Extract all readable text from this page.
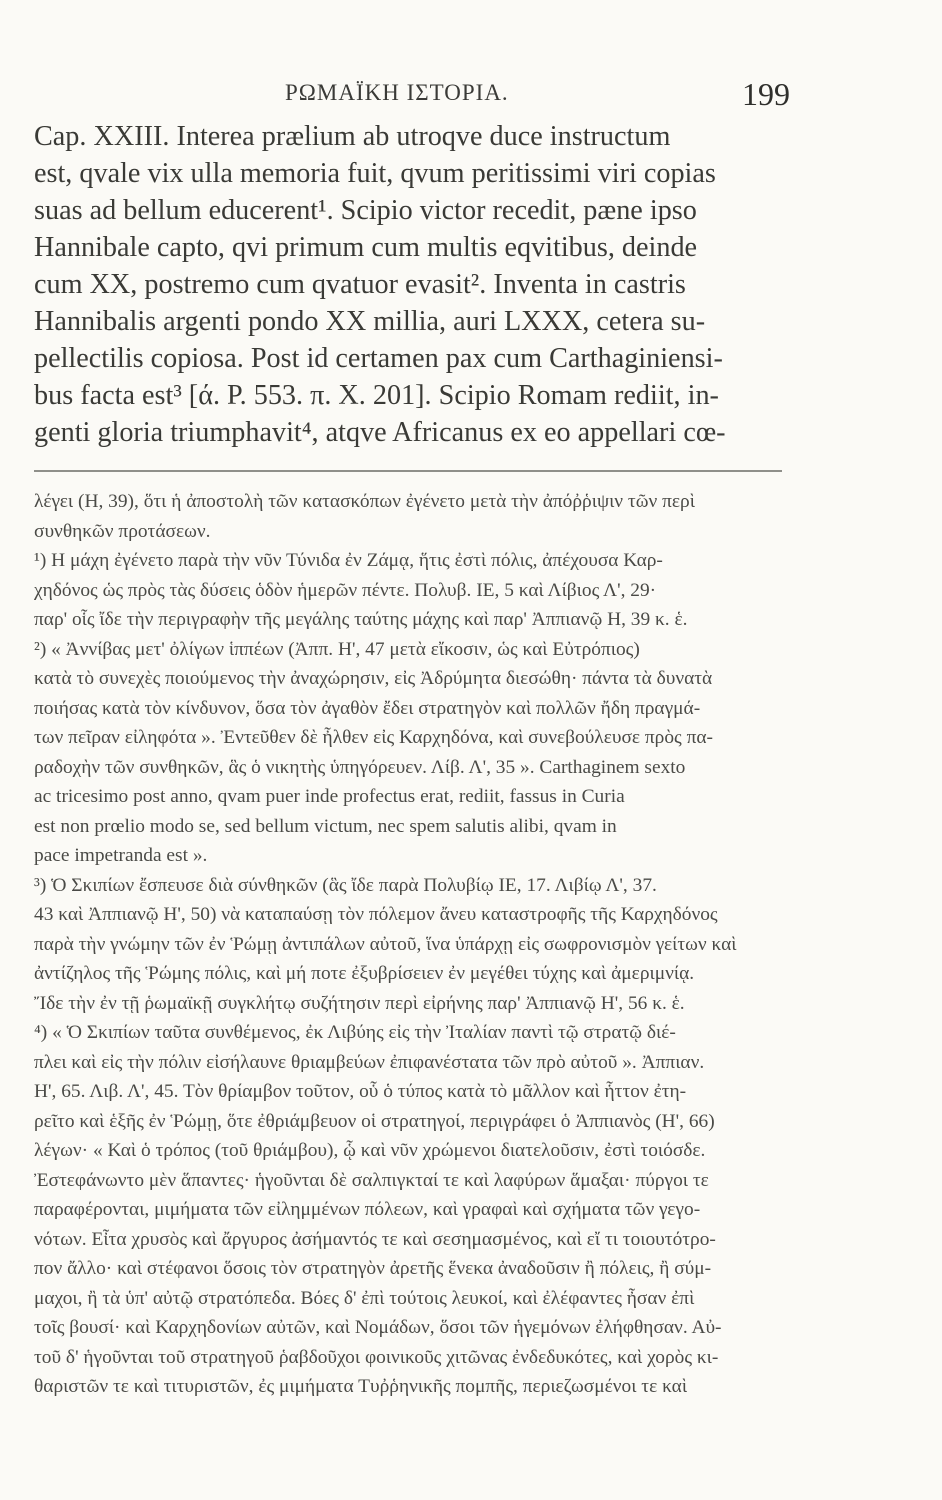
ΡΩΜΑΪΚΗ ΙΣΤΟΡΙΑ.	199
Cap. XXIII. Interea prælium ab utroqve duce instructum
est, qvale vix ulla memoria fuit, qvum peritissimi viri copias
suas ad bellum educerent¹. Scipio victor recedit, pæne ipso
Hannibale capto, qvi primum cum multis eqvitibus, deinde
cum XX, postremo cum qvatuor evasit². Inventa in castris
Hannibalis argenti pondo XX millia, auri LXXX, cetera su-
pellectilis copiosa. Post id certamen pax cum Carthaginiensi-
bus facta est³ [ά. Ρ. 553. π. Χ. 201]. Scipio Romam rediit, in-
genti gloria triumphavit⁴, atqve Africanus ex eo appellari cœ-
λέγει (Η, 39), ὅτι ἡ ἀποστολὴ τῶν κατασκόπων ἐγένετο μετὰ τὴν ἀπόῤῥιψιν τῶν περὶ
συνθηκῶν προτάσεων.
¹) Η μάχη ἐγένετο παρὰ τὴν νῦν Τύνιδα ἐν Ζάμᾳ, ἥτις ἐστὶ πόλις, ἀπέχουσα Καρ-
χηδόνος ὡς πρὸς τὰς δύσεις ὁδὸν ἡμερῶν πέντε. Πολυβ. ΙΕ, 5 καὶ Λίβιος Λ', 29·
παρ' οἷς ἴδε τὴν περιγραφὴν τῆς μεγάλης ταύτης μάχης καὶ παρ' Ἀππιανῷ Η, 39 κ. ἑ.
²) « Ἀννίβας μετ' ὀλίγων ἱππέων (Ἀππ. Η', 47 μετὰ εἴκοσιν, ὡς καὶ Εὐτρόπιος)
κατὰ τὸ συνεχὲς ποιούμενος τὴν ἀναχώρησιν, εἰς Ἀδρύμητα διεσώθη· πάντα τὰ δυνατὰ
ποιήσας κατὰ τὸν κίνδυνον, ὅσα τὸν ἀγαθὸν ἔδει στρατηγὸν καὶ πολλῶν ἤδη πραγμά-
των πεῖραν εἰληφότα ». Ἐντεῦθεν δὲ ἦλθεν εἰς Καρχηδόνα, καὶ συνεβούλευσε πρὸς πα-
ραδοχὴν τῶν συνθηκῶν, ἃς ὁ νικητὴς ὑπηγόρευεν. Λίβ. Λ', 35 ». Carthaginem sexto
ac tricesimo post anno, qvam puer inde profectus erat, rediit, fassus in Curia
est non prœlio modo se, sed bellum victum, nec spem salutis alibi, qvam in
pace impetranda est ».
³) Ὁ Σκιπίων ἔσπευσε διὰ σύνθηκῶν (ἃς ἴδε παρὰ Πολυβίῳ ΙΕ, 17. Λιβίῳ Λ', 37.
43 καὶ Ἀππιανῷ Η', 50) νὰ καταπαύσῃ τὸν πόλεμον ἄνευ καταστροφῆς τῆς Καρχηδόνος
παρὰ τὴν γνώμην τῶν ἐν Ῥώμῃ ἀντιπάλων αὐτοῦ, ἵνα ὑπάρχῃ εἰς σωφρονισμὸν γείτων καὶ
ἀντίζηλος τῆς Ῥώμης πόλις, καὶ μή ποτε ἐξυβρίσειεν ἐν μεγέθει τύχης καὶ ἀμεριμνίᾳ.
Ἴδε τὴν ἐν τῇ ῥωμαϊκῇ συγκλήτῳ συζήτησιν περὶ εἰρήνης παρ' Ἀππιανῷ Η', 56 κ. ἑ.
⁴) « Ὁ Σκιπίων ταῦτα συνθέμενος, ἐκ Λιβύης εἰς τὴν Ἰταλίαν παντὶ τῷ στρατῷ διέ-
πλει καὶ εἰς τὴν πόλιν εἰσήλαυνε θριαμβεύων ἐπιφανέστατα τῶν πρὸ αὐτοῦ ». Ἀππιαν.
Η', 65. Λιβ. Λ', 45. Τὸν θρίαμβον τοῦτον, οὗ ὁ τύπος κατὰ τὸ μᾶλλον καὶ ἧττον ἐτη-
ρεῖτο καὶ ἑξῆς ἐν Ῥώμῃ, ὅτε ἐθριάμβευον οἱ στρατηγοί, περιγράφει ὁ Ἀππιανὸς (Η', 66)
λέγων· « Καὶ ὁ τρόπος (τοῦ θριάμβου), ᾧ καὶ νῦν χρώμενοι διατελοῦσιν, ἐστὶ τοιόσδε.
Ἐστεφάνωντο μὲν ἅπαντες· ἡγοῦνται δὲ σαλπιγκταί τε καὶ λαφύρων ἅμαξαι· πύργοι τε
παραφέρονται, μιμήματα τῶν εἰλημμένων πόλεων, καὶ γραφαὶ καὶ σχήματα τῶν γεγο-
νότων. Εἶτα χρυσὸς καὶ ἄργυρος ἀσήμαντός τε καὶ σεσημασμένος, καὶ εἴ τι τοιουτότρο-
πον ἄλλο· καὶ στέφανοι ὅσοις τὸν στρατηγὸν ἀρετῆς ἕνεκα ἀναδοῦσιν ἢ πόλεις, ἢ σύμ-
μαχοι, ἢ τὰ ὑπ' αὐτῷ στρατόπεδα. Βόες δ' ἐπὶ τούτοις λευκοί, καὶ ἐλέφαντες ἦσαν ἐπὶ
τοῖς βουσί· καὶ Καρχηδονίων αὐτῶν, καὶ Νομάδων, ὅσοι τῶν ἡγεμόνων ἐλήφθησαν. Αὐ-
τοῦ δ' ἡγοῦνται τοῦ στρατηγοῦ ῥαβδοῦχοι φοινικοῦς χιτῶνας ἐνδεδυκότες, καὶ χορὸς κι-
θαριστῶν τε καὶ τιτυριστῶν, ἐς μιμήματα Τυῤῥηνικῆς πομπῆς, περιεζωσμένοι τε καὶ
